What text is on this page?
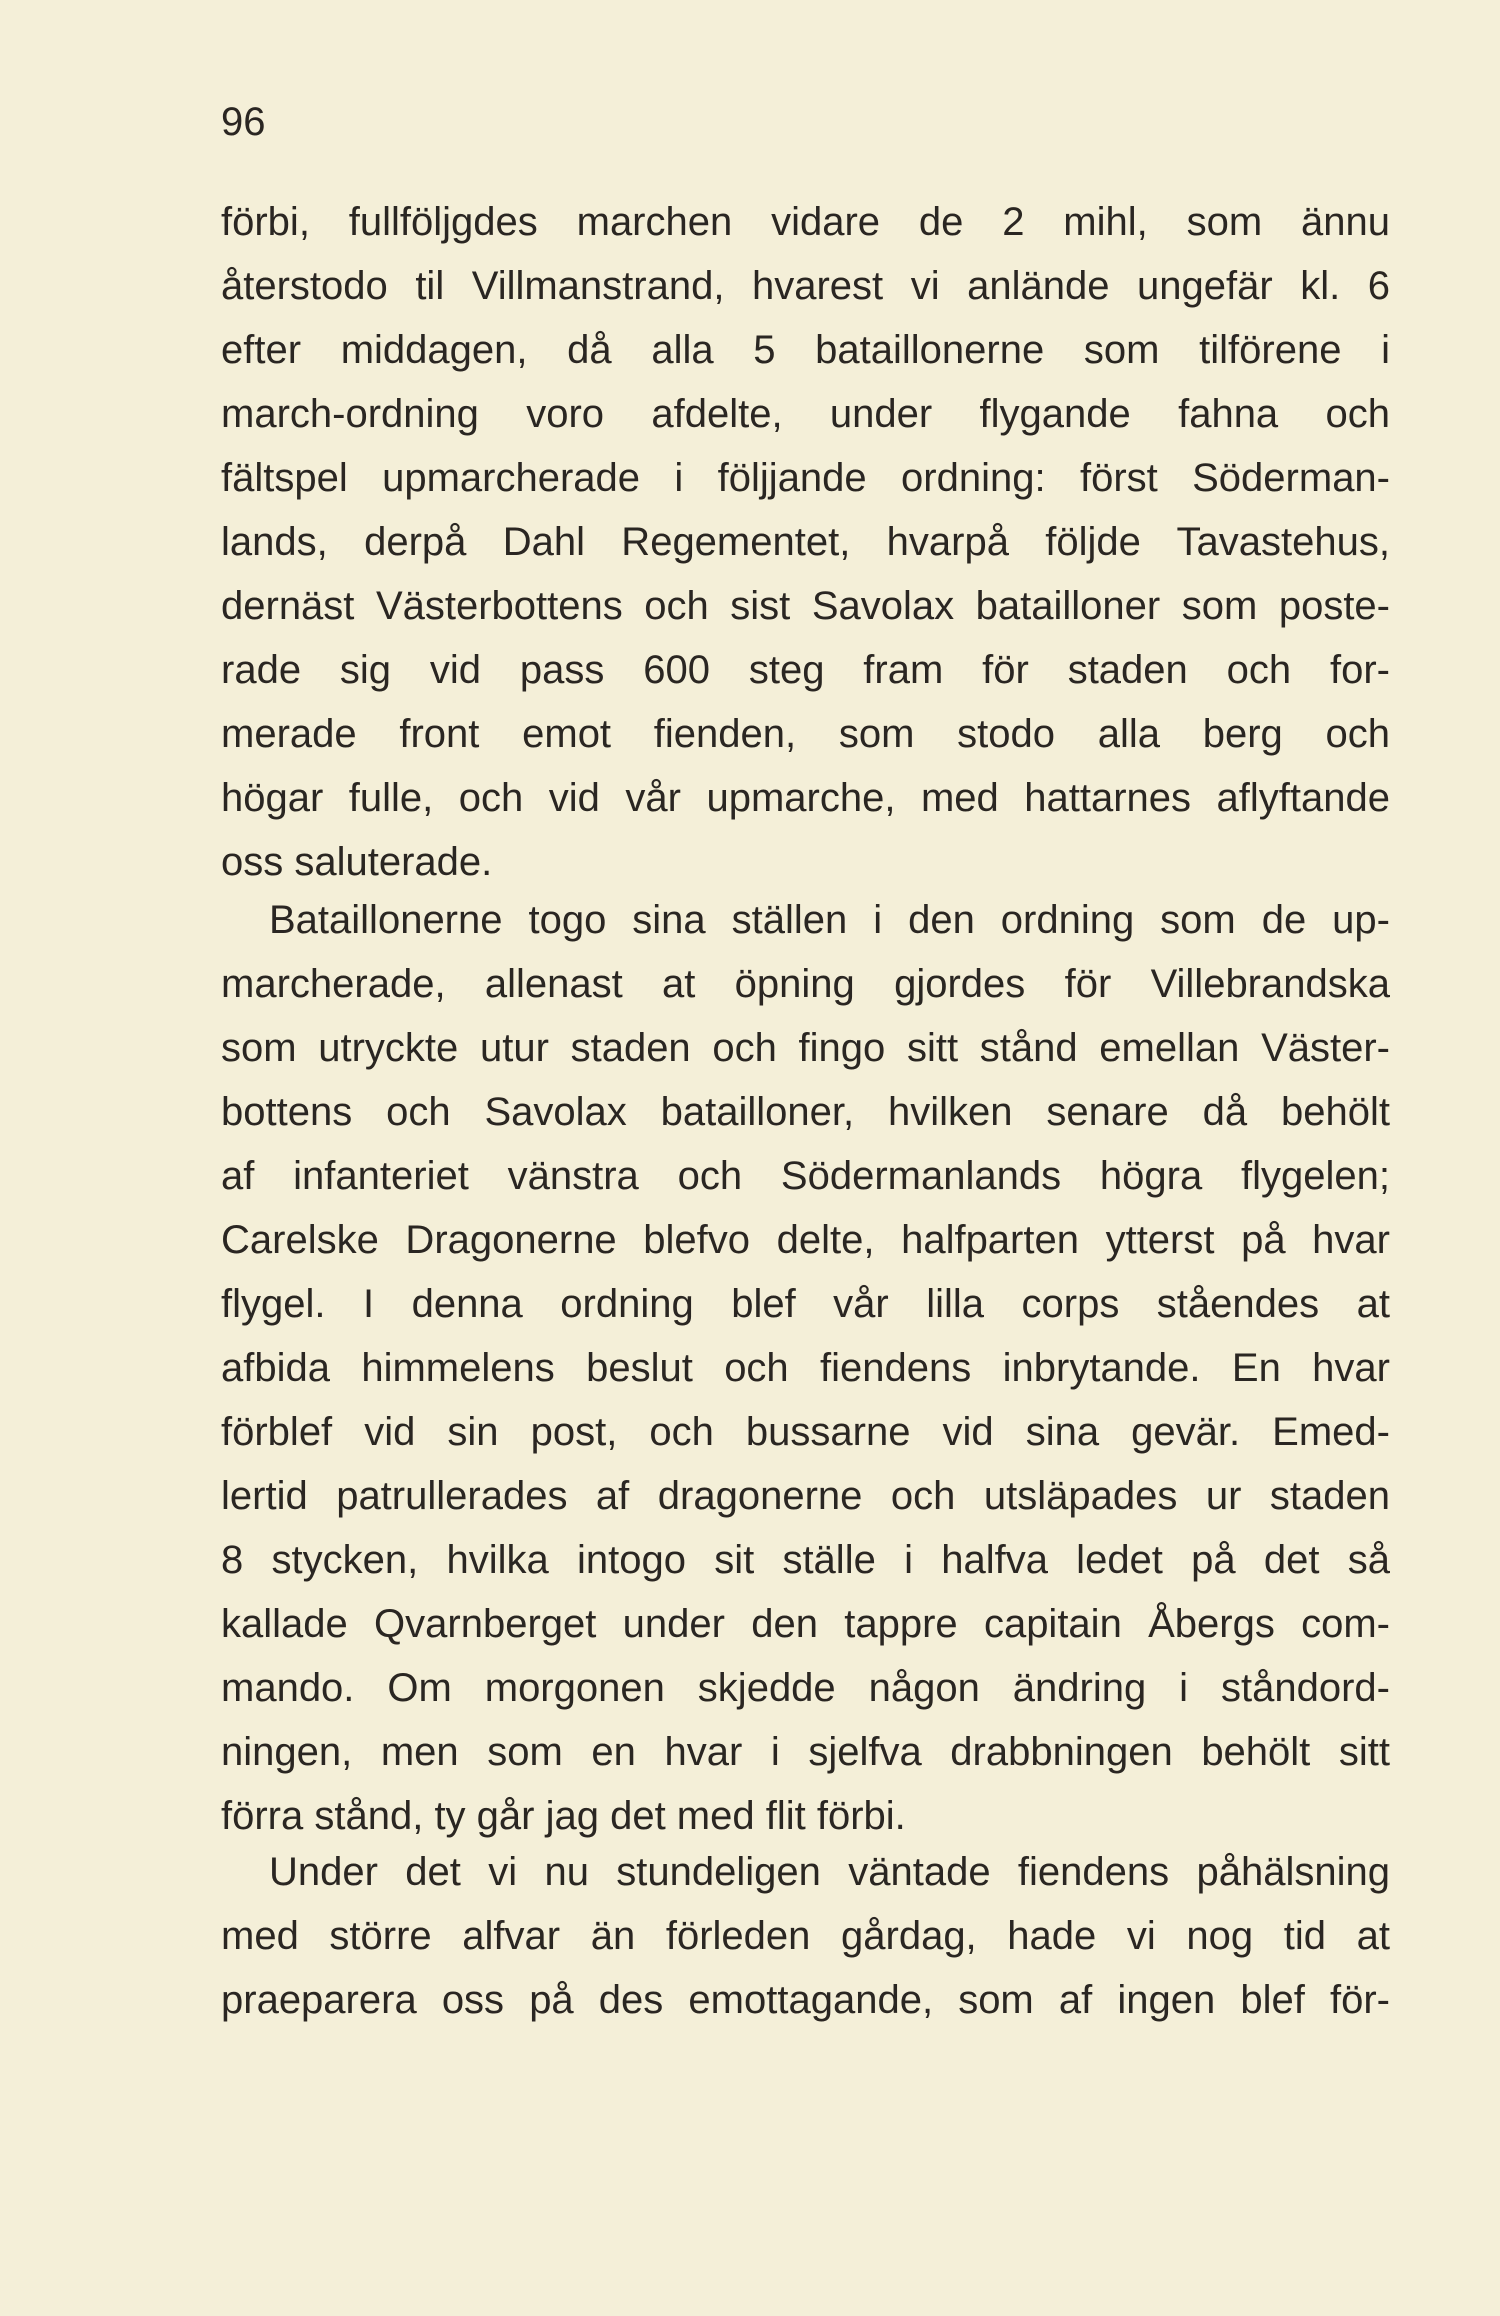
96
förbi, fullföljgdes marchen vidare de 2 mihl, som ännu
återstodo til Villmanstrand, hvarest vi anlände ungefär kl. 6
efter middagen, då alla 5 bataillonerne som tilförene i
march-ordning voro afdelte, under flygande fahna och
fältspel upmarcherade i följjande ordning: först Söderman-
lands, derpå Dahl Regementet, hvarpå följde Tavastehus,
dernäst Västerbottens och sist Savolax batailloner som poste-
rade sig vid pass 600 steg fram för staden och for-
merade front emot fienden, som stodo alla berg och
högar fulle, och vid vår upmarche, med hattarnes aflyftande
oss saluterade.
Bataillonerne togo sina ställen i den ordning som de up-
marcherade, allenast at öpning gjordes för Villebrandska
som utryckte utur staden och fingo sitt stånd emellan Väster-
bottens och Savolax batailloner, hvilken senare då behölt
af infanteriet vänstra och Södermanlands högra flygelen;
Carelske Dragonerne blefvo delte, halfparten ytterst på hvar
flygel. I denna ordning blef vår lilla corps ståendes at
afbida himmelens beslut och fiendens inbrytande. En hvar
förblef vid sin post, och bussarne vid sina gevär. Emed-
lertid patrullerades af dragonerne och utsläpades ur staden
8 stycken, hvilka intogo sit ställe i halfva ledet på det så
kallade Qvarnberget under den tappre capitain Åbergs com-
mando. Om morgonen skjedde någon ändring i ståndord-
ningen, men som en hvar i sjelfva drabbningen behölt sitt
förra stånd, ty går jag det med flit förbi.
Under det vi nu stundeligen väntade fiendens påhälsning
med större alfvar än förleden gårdag, hade vi nog tid at
praeparera oss på des emottagande, som af ingen blef för-
